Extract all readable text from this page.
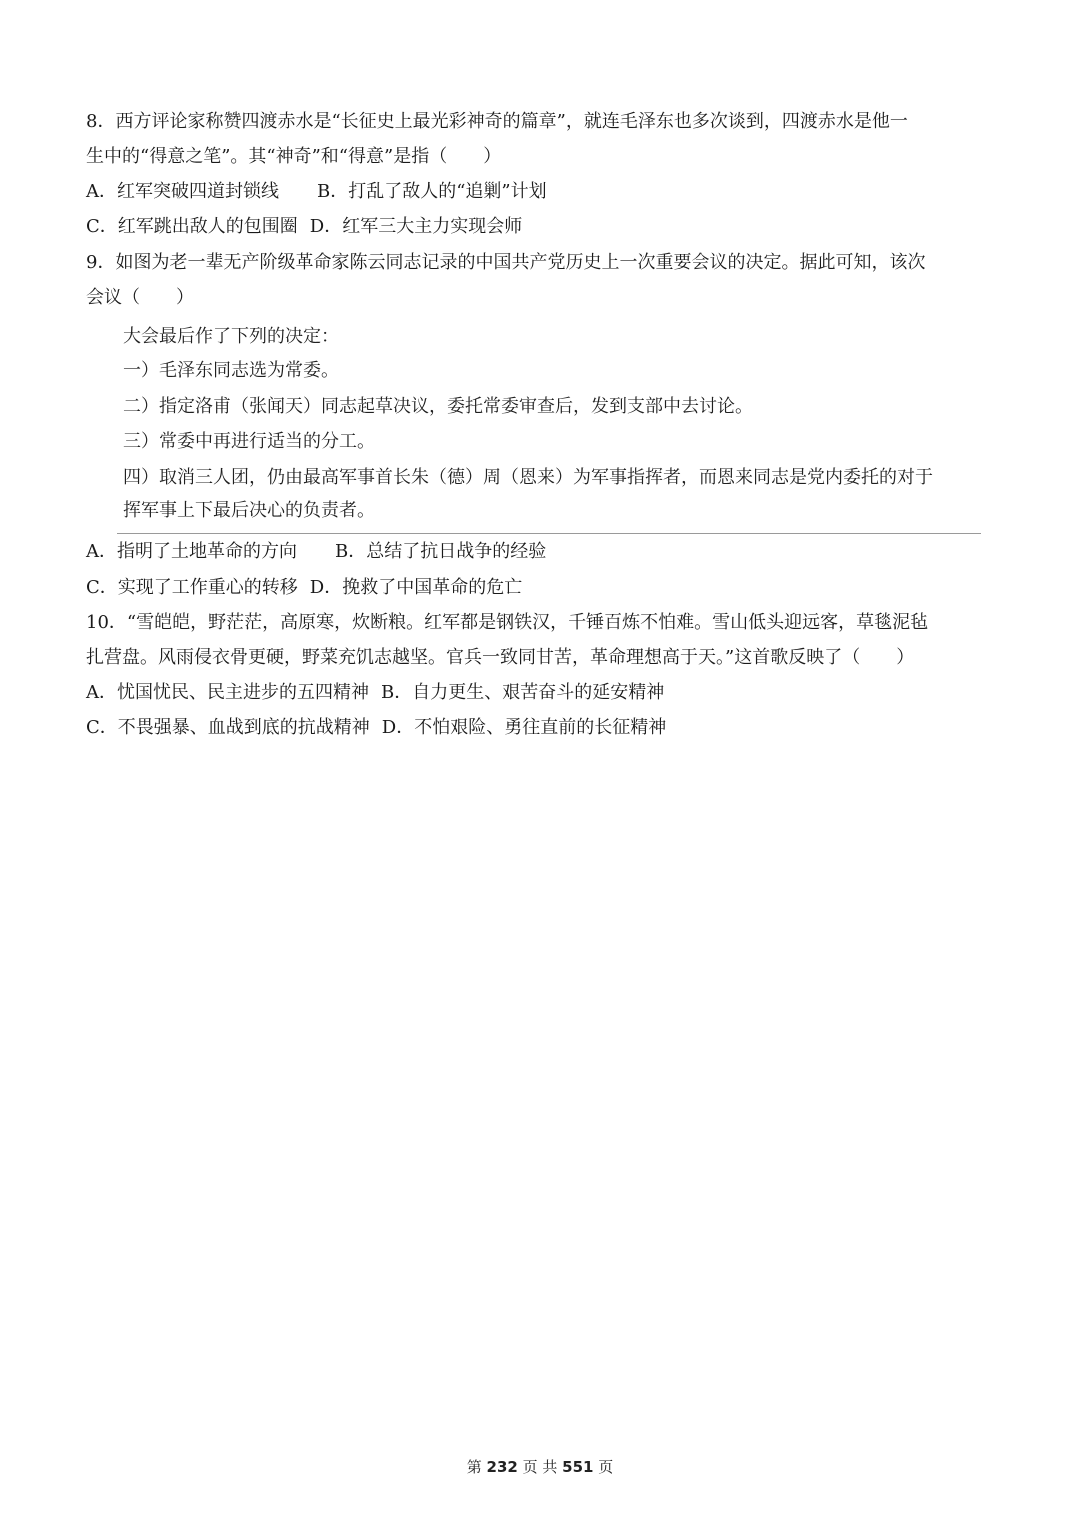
8．西方评论家称赞四渡赤水是“长征史上最光彩神奇的篇章”，就连毛泽东也多次谈到，四渡赤水是他一
生中的“得意之笔”。其“神奇”和“得意”是指（　　）
A．红军突破四道封锁线 B．打乱了敌人的“追剿”计划
C．红军跳出敌人的包围圈 D．红军三大主力实现会师
9．如图为老一辈无产阶级革命家陈云同志记录的中国共产党历史上一次重要会议的决定。据此可知，该次
会议（　　）
大会最后作了下列的决定：
一）毛泽东同志选为常委。
二）指定洛甫（张闻天）同志起草决议，委托常委审查后，发到支部中去讨论。
三）常委中再进行适当的分工。
四）取消三人团，仍由最高军事首长朱（德）周（恩来）为军事指挥者，而恩来同志是党内委托的对于
挥军事上下最后决心的负责者。
A．指明了土地革命的方向 B．总结了抗日战争的经验
C．实现了工作重心的转移 D．挽救了中国革命的危亡
10．“雪皑皑，野茫茫，高原寒，炊断粮。红军都是钢铁汉，千锤百炼不怕难。雪山低头迎远客，草毯泥毡
扎营盘。风雨侵衣骨更硬，野菜充饥志越坚。官兵一致同甘苦，革命理想高于天。”这首歌反映了（　　）
A．忧国忧民、民主进步的五四精神 B．自力更生、艰苦奋斗的延安精神
C．不畏强暴、血战到底的抗战精神 D．不怕艰险、勇往直前的长征精神
第 232 页 共 551 页
